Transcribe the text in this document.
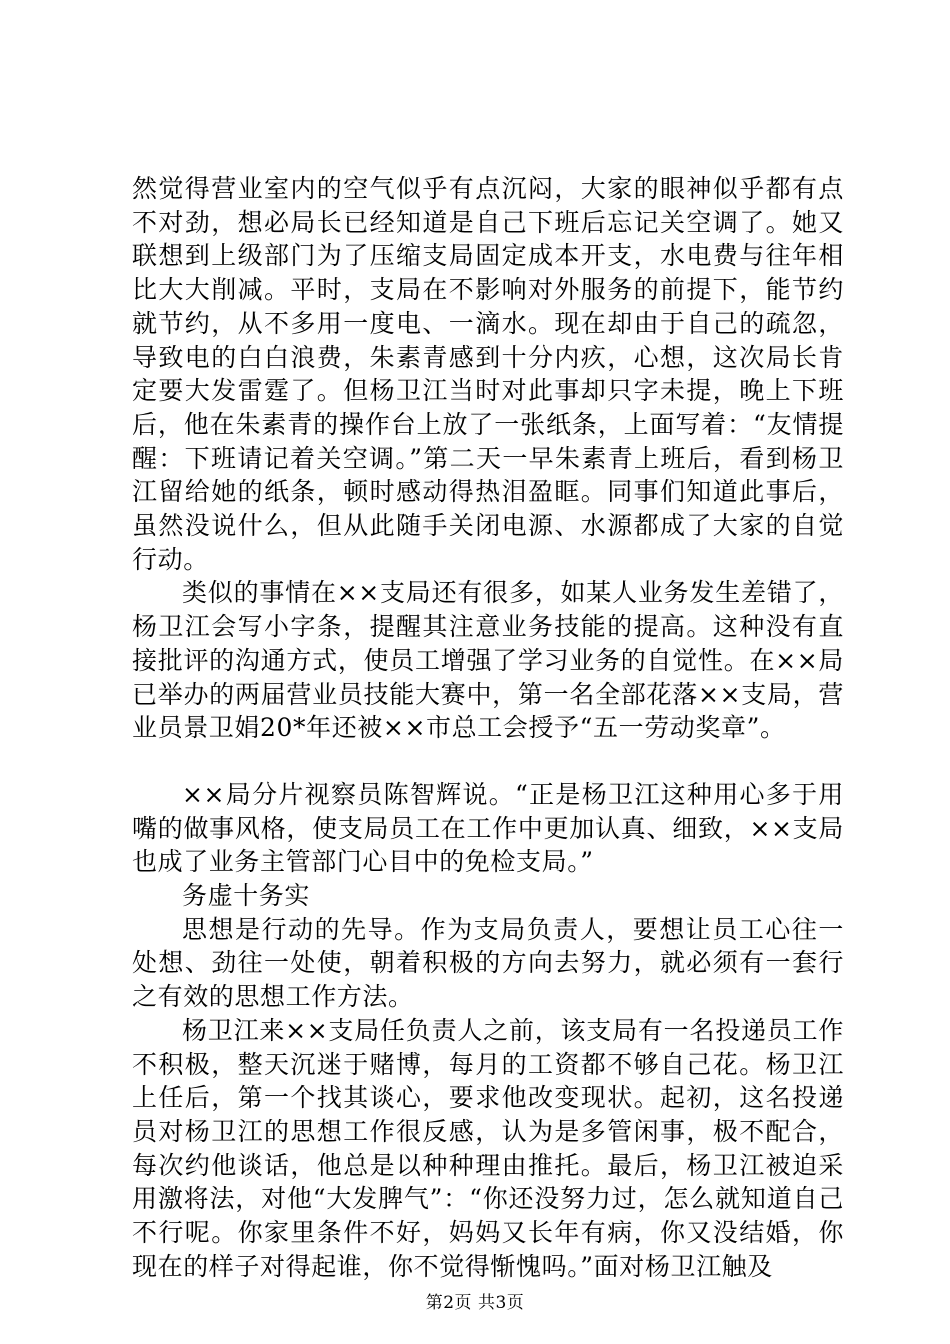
然觉得营业室内的空气似乎有点沉闷，大家的眼神似乎都有点不对劲，想必局长已经知道是自己下班后忘记关空调了。她又联想到上级部门为了压缩支局固定成本开支，水电费与往年相比大大削减。平时，支局在不影响对外服务的前提下，能节约就节约，从不多用一度电、一滴水。现在却由于自己的疏忽，导致电的白白浪费，朱素青感到十分内疚，心想，这次局长肯定要大发雷霆了。但杨卫江当时对此事却只字未提，晚上下班后，他在朱素青的操作台上放了一张纸条，上面写着：“友情提醒：下班请记着关空调。”第二天一早朱素青上班后，看到杨卫江留给她的纸条，顿时感动得热泪盈眶。同事们知道此事后，虽然没说什么，但从此随手关闭电源、水源都成了大家的自觉行动。

类似的事情在××支局还有很多，如某人业务发生差错了，杨卫江会写小字条，提醒其注意业务技能的提高。这种没有直接批评的沟通方式，使员工增强了学习业务的自觉性。在××局已举办的两届营业员技能大赛中，第一名全部花落××支局，营业员景卫娟20*年还被××市总工会授予“五一劳动奖章”。

××局分片视察员陈智辉说。“正是杨卫江这种用心多于用嘴的做事风格，使支局员工在工作中更加认真、细致，××支局也成了业务主管部门心目中的免检支局。”

务虚十务实

思想是行动的先导。作为支局负责人，要想让员工心往一处想、劲往一处使，朝着积极的方向去努力，就必须有一套行之有效的思想工作方法。

杨卫江来××支局任负责人之前，该支局有一名投递员工作不积极，整天沉迷于赌博，每月的工资都不够自己花。杨卫江上任后，第一个找其谈心，要求他改变现状。起初，这名投递员对杨卫江的思想工作很反感，认为是多管闲事，极不配合，每次约他谈话，他总是以种种理由推托。最后，杨卫江被迫采用激将法，对他“大发脾气”：“你还没努力过，怎么就知道自己不行呢。你家里条件不好，妈妈又长年有病，你又没结婚，你现在的样子对得起谁，你不觉得惭愧吗。”面对杨卫江触及

第2页 共3页
